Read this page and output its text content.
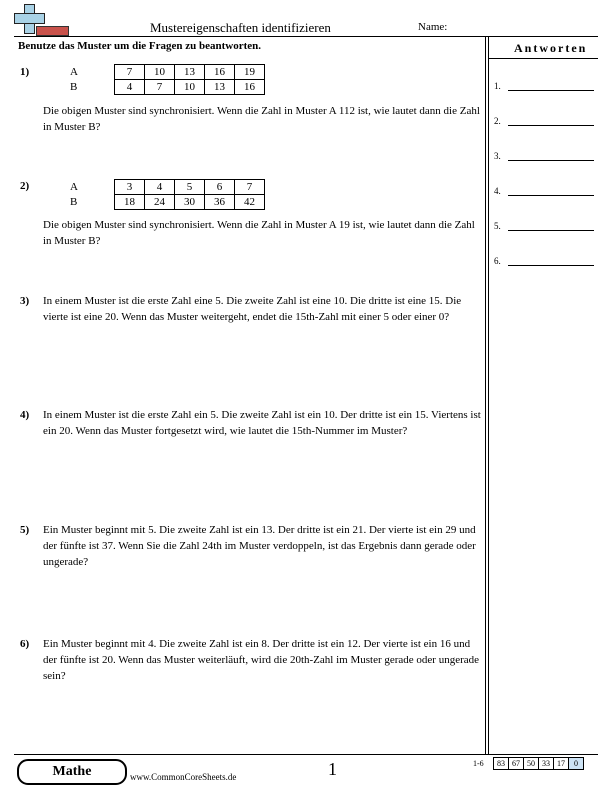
Mustereigenschaften identifizieren	Name:
Benutze das Muster um die Fragen zu beantworten.
1)	A	7	10	13	16	19
B	4	7	10	13	16
Die obigen Muster sind synchronisiert. Wenn die Zahl in Muster A 112 ist, wie lautet dann die Zahl in Muster B?
2)	A	3	4	5	6	7
B	18	24	30	36	42
Die obigen Muster sind synchronisiert. Wenn die Zahl in Muster A 19 ist, wie lautet dann die Zahl in Muster B?
3) In einem Muster ist die erste Zahl eine 5. Die zweite Zahl ist eine 10. Die dritte ist eine 15. Die vierte ist eine 20. Wenn das Muster weitergeht, endet die 15th-Zahl mit einer 5 oder einer 0?
4) In einem Muster ist die erste Zahl ein 5. Die zweite Zahl ist ein 10. Der dritte ist ein 15. Viertens ist ein 20. Wenn das Muster fortgesetzt wird, wie lautet die 15th-Nummer im Muster?
5) Ein Muster beginnt mit 5. Die zweite Zahl ist ein 13. Der dritte ist ein 21. Der vierte ist ein 29 und der fünfte ist 37. Wenn Sie die Zahl 24th im Muster verdoppeln, ist das Ergebnis dann gerade oder ungerade?
6) Ein Muster beginnt mit 4. Die zweite Zahl ist ein 8. Der dritte ist ein 12. Der vierte ist ein 16 und der fünfte ist 20. Wenn das Muster weiterläuft, wird die 20th-Zahl im Muster gerade oder ungerade sein?
Antworten
1.
2.
3.
4.
5.
6.
Mathe	www.CommonCoreSheets.de	1	1-6 83	67	50	33	17	0
